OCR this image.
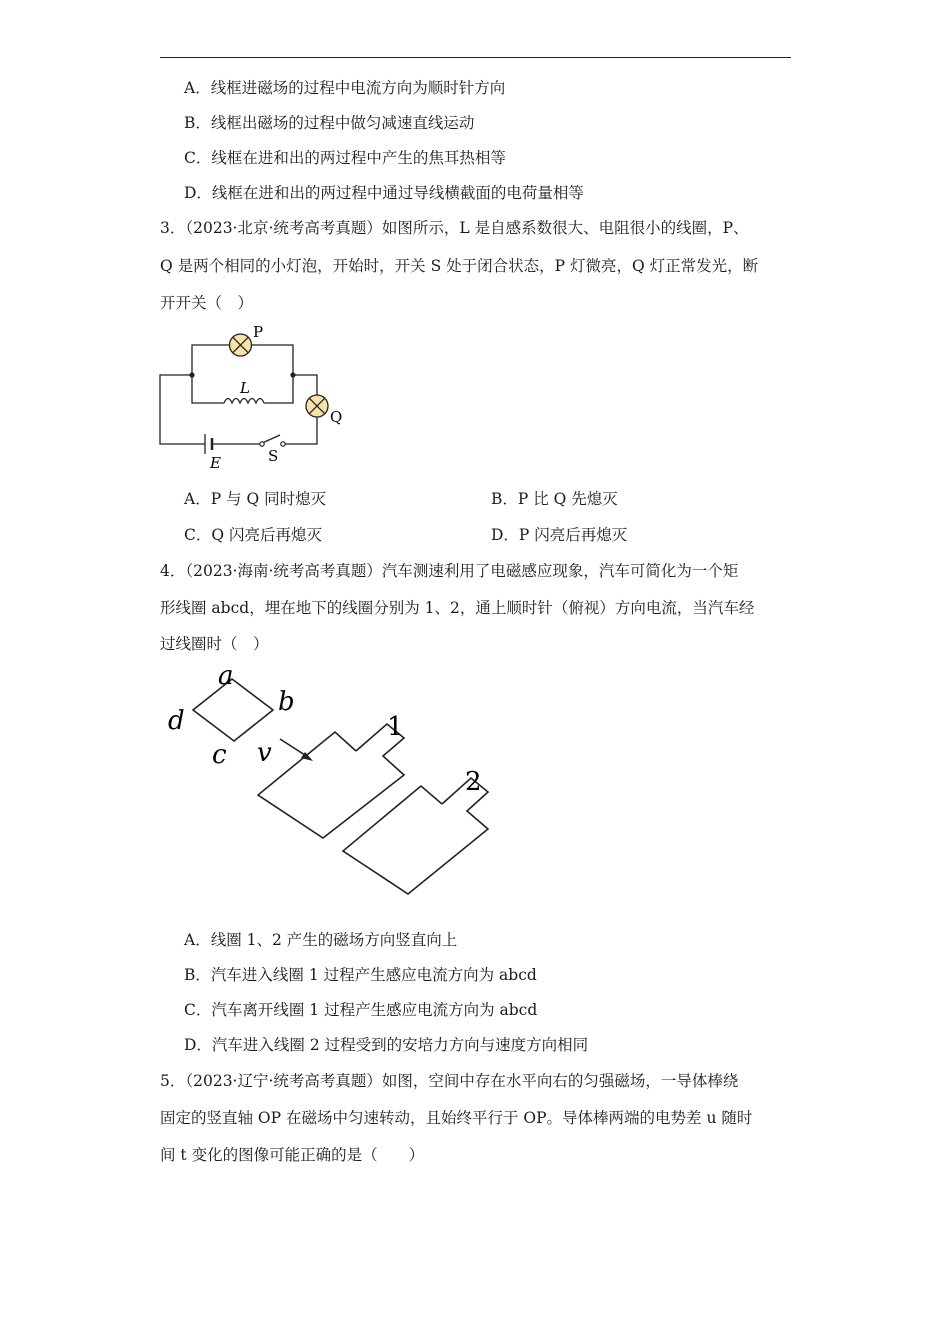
A．线框进磁场的过程中电流方向为顺时针方向
B．线框出磁场的过程中做匀减速直线运动
C．线框在进和出的两过程中产生的焦耳热相等
D．线框在进和出的两过程中通过导线横截面的电荷量相等
3．（2023·北京·统考高考真题）如图所示，L 是自感系数很大、电阻很小的线圈，P、
Q 是两个相同的小灯泡，开始时，开关 S 处于闭合状态，P 灯微亮，Q 灯正常发光，断
开开关（　）
P
L
Q
E	S
A．P 与 Q 同时熄灭	B．P 比 Q 先熄灭
C．Q 闪亮后再熄灭	D．P 闪亮后再熄灭
4．（2023·海南·统考高考真题）汽车测速利用了电磁感应现象，汽车可简化为一个矩
形线圈 abcd，埋在地下的线圈分别为 1、2，通上顺时针（俯视）方向电流，当汽车经
过线圈时（　）
a
b
c
d
v
1
2
A．线圈 1、2 产生的磁场方向竖直向上
B．汽车进入线圈 1 过程产生感应电流方向为 abcd
C．汽车离开线圈 1 过程产生感应电流方向为 abcd
D．汽车进入线圈 2 过程受到的安培力方向与速度方向相同
5．（2023·辽宁·统考高考真题）如图，空间中存在水平向右的匀强磁场，一导体棒绕
固定的竖直轴 OP 在磁场中匀速转动，且始终平行于 OP。导体棒两端的电势差 u 随时
间 t 变化的图像可能正确的是（　　）
